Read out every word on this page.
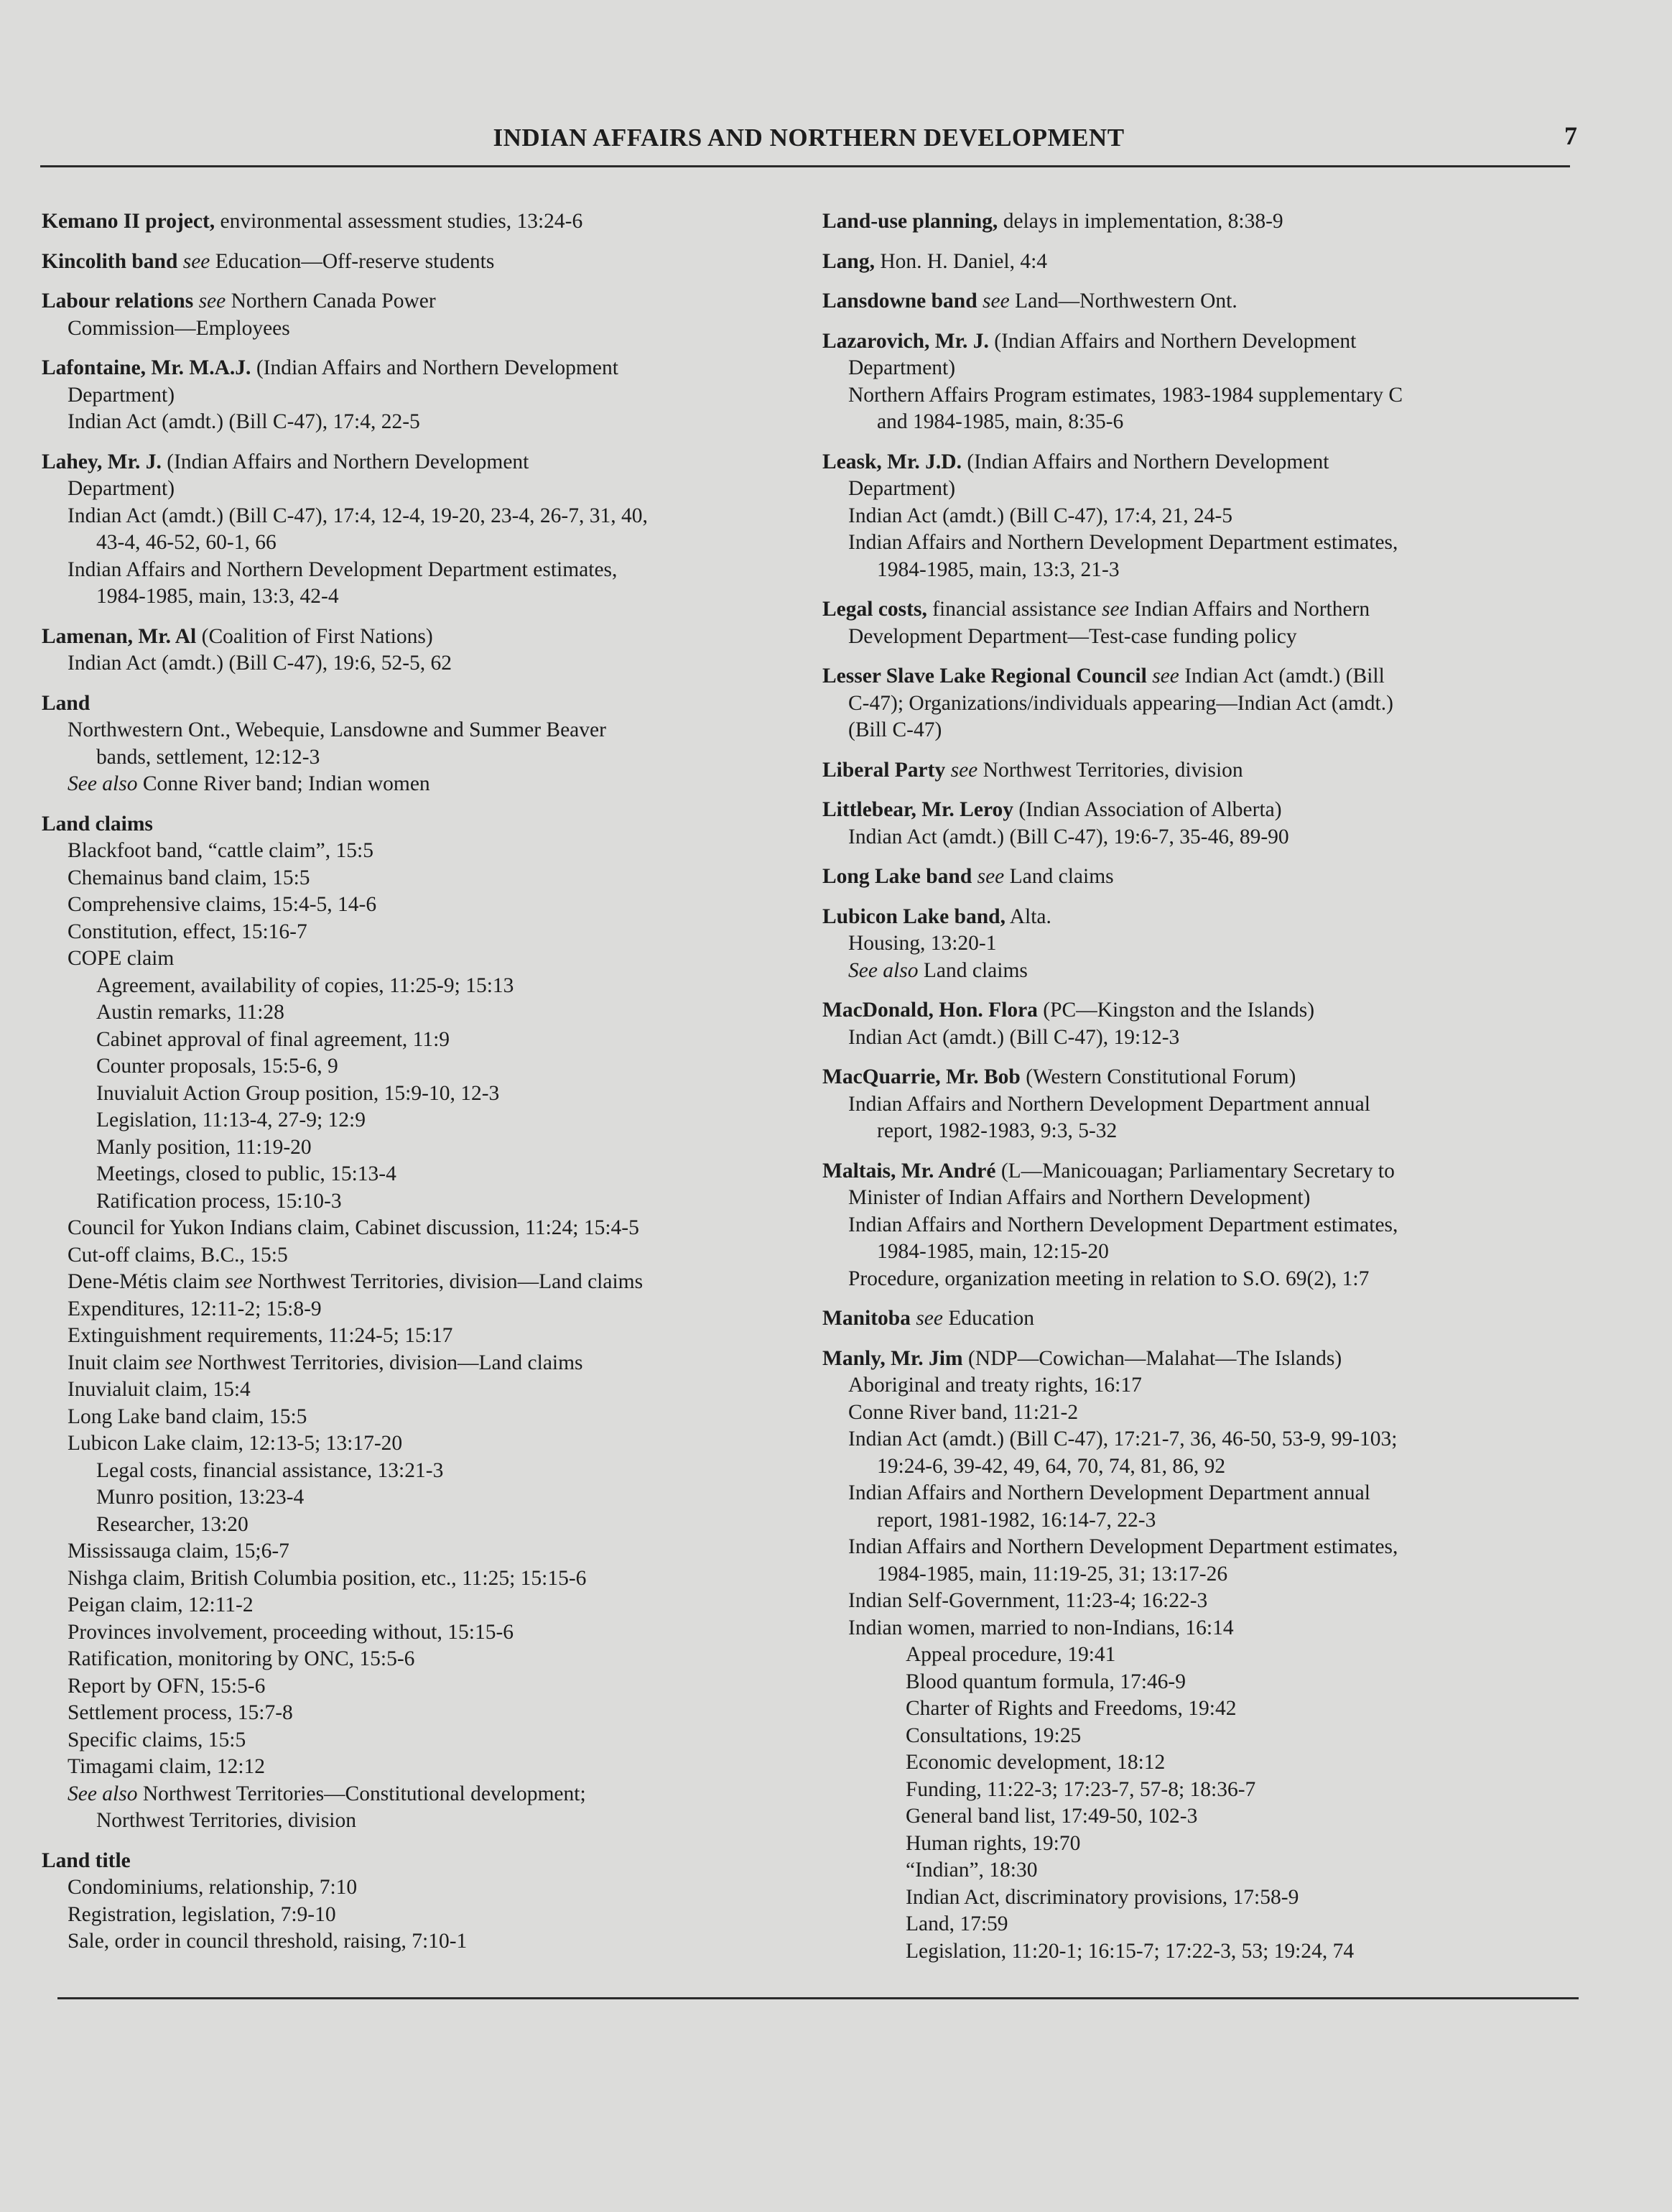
INDIAN AFFAIRS AND NORTHERN DEVELOPMENT	7
Kemano II project, environmental assessment studies, 13:24-6
Kincolith band see Education—Off-reserve students
Labour relations see Northern Canada Power
Commission—Employees
Lafontaine, Mr. M.A.J. (Indian Affairs and Northern Development
Department)
Indian Act (amdt.) (Bill C-47), 17:4, 22-5
Lahey, Mr. J. (Indian Affairs and Northern Development
Department)
Indian Act (amdt.) (Bill C-47), 17:4, 12-4, 19-20, 23-4, 26-7, 31, 40,
43-4, 46-52, 60-1, 66
Indian Affairs and Northern Development Department estimates,
1984-1985, main, 13:3, 42-4
Lamenan, Mr. Al (Coalition of First Nations)
Indian Act (amdt.) (Bill C-47), 19:6, 52-5, 62
Land
Northwestern Ont., Webequie, Lansdowne and Summer Beaver
bands, settlement, 12:12-3
See also Conne River band; Indian women
Land claims
Blackfoot band, “cattle claim”, 15:5
Chemainus band claim, 15:5
Comprehensive claims, 15:4-5, 14-6
Constitution, effect, 15:16-7
COPE claim
Agreement, availability of copies, 11:25-9; 15:13
Austin remarks, 11:28
Cabinet approval of final agreement, 11:9
Counter proposals, 15:5-6, 9
Inuvialuit Action Group position, 15:9-10, 12-3
Legislation, 11:13-4, 27-9; 12:9
Manly position, 11:19-20
Meetings, closed to public, 15:13-4
Ratification process, 15:10-3
Council for Yukon Indians claim, Cabinet discussion, 11:24; 15:4-5
Cut-off claims, B.C., 15:5
Dene-Métis claim see Northwest Territories, division—Land claims
Expenditures, 12:11-2; 15:8-9
Extinguishment requirements, 11:24-5; 15:17
Inuit claim see Northwest Territories, division—Land claims
Inuvialuit claim, 15:4
Long Lake band claim, 15:5
Lubicon Lake claim, 12:13-5; 13:17-20
Legal costs, financial assistance, 13:21-3
Munro position, 13:23-4
Researcher, 13:20
Mississauga claim, 15;6-7
Nishga claim, British Columbia position, etc., 11:25; 15:15-6
Peigan claim, 12:11-2
Provinces involvement, proceeding without, 15:15-6
Ratification, monitoring by ONC, 15:5-6
Report by OFN, 15:5-6
Settlement process, 15:7-8
Specific claims, 15:5
Timagami claim, 12:12
See also Northwest Territories—Constitutional development;
Northwest Territories, division
Land title
Condominiums, relationship, 7:10
Registration, legislation, 7:9-10
Sale, order in council threshold, raising, 7:10-1
Land-use planning, delays in implementation, 8:38-9
Lang, Hon. H. Daniel, 4:4
Lansdowne band see Land—Northwestern Ont.
Lazarovich, Mr. J. (Indian Affairs and Northern Development
Department)
Northern Affairs Program estimates, 1983-1984 supplementary C
and 1984-1985, main, 8:35-6
Leask, Mr. J.D. (Indian Affairs and Northern Development
Department)
Indian Act (amdt.) (Bill C-47), 17:4, 21, 24-5
Indian Affairs and Northern Development Department estimates,
1984-1985, main, 13:3, 21-3
Legal costs, financial assistance see Indian Affairs and Northern
Development Department—Test-case funding policy
Lesser Slave Lake Regional Council see Indian Act (amdt.) (Bill
C-47); Organizations/individuals appearing—Indian Act (amdt.)
(Bill C-47)
Liberal Party see Northwest Territories, division
Littlebear, Mr. Leroy (Indian Association of Alberta)
Indian Act (amdt.) (Bill C-47), 19:6-7, 35-46, 89-90
Long Lake band see Land claims
Lubicon Lake band, Alta.
Housing, 13:20-1
See also Land claims
MacDonald, Hon. Flora (PC—Kingston and the Islands)
Indian Act (amdt.) (Bill C-47), 19:12-3
MacQuarrie, Mr. Bob (Western Constitutional Forum)
Indian Affairs and Northern Development Department annual
report, 1982-1983, 9:3, 5-32
Maltais, Mr. André (L—Manicouagan; Parliamentary Secretary to
Minister of Indian Affairs and Northern Development)
Indian Affairs and Northern Development Department estimates,
1984-1985, main, 12:15-20
Procedure, organization meeting in relation to S.O. 69(2), 1:7
Manitoba see Education
Manly, Mr. Jim (NDP—Cowichan—Malahat—The Islands)
Aboriginal and treaty rights, 16:17
Conne River band, 11:21-2
Indian Act (amdt.) (Bill C-47), 17:21-7, 36, 46-50, 53-9, 99-103;
19:24-6, 39-42, 49, 64, 70, 74, 81, 86, 92
Indian Affairs and Northern Development Department annual
report, 1981-1982, 16:14-7, 22-3
Indian Affairs and Northern Development Department estimates,
1984-1985, main, 11:19-25, 31; 13:17-26
Indian Self-Government, 11:23-4; 16:22-3
Indian women, married to non-Indians, 16:14
Appeal procedure, 19:41
Blood quantum formula, 17:46-9
Charter of Rights and Freedoms, 19:42
Consultations, 19:25
Economic development, 18:12
Funding, 11:22-3; 17:23-7, 57-8; 18:36-7
General band list, 17:49-50, 102-3
Human rights, 19:70
“Indian”, 18:30
Indian Act, discriminatory provisions, 17:58-9
Land, 17:59
Legislation, 11:20-1; 16:15-7; 17:22-3, 53; 19:24, 74
